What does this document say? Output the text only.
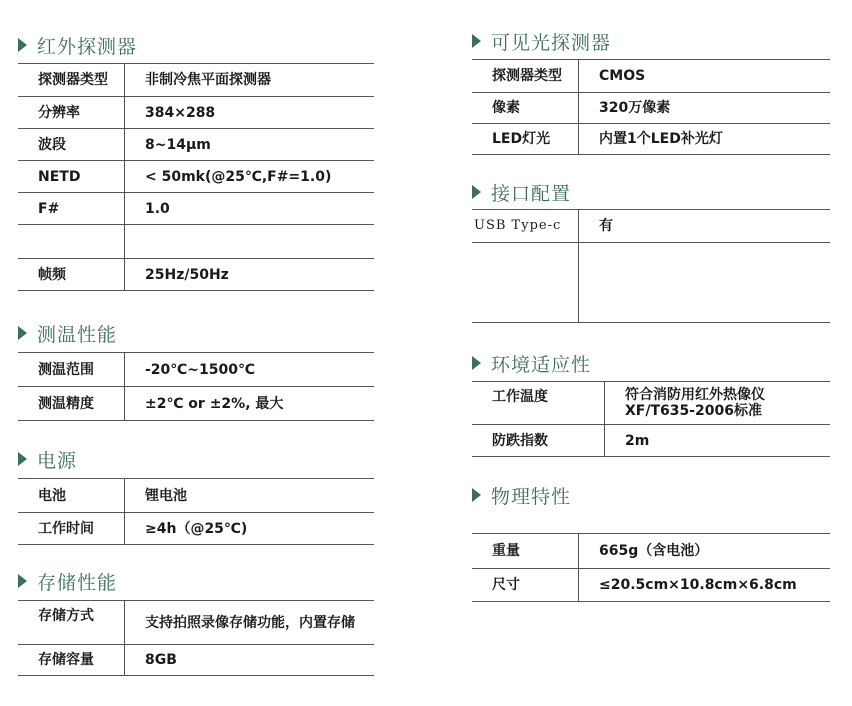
红外探测器
探测器类型	非制冷焦平面探测器
分辨率	384×288
波段	8~14μm
NETD	< 50mk(@25℃,F#=1.0)
F#	1.0

帧频	25Hz/50Hz
测温性能
测温范围	-20℃~1500℃
测温精度	±2℃ or ±2%, 最大
电源
电池	锂电池
工作时间	≥4h（@25℃)
存储性能
存储方式	支持拍照录像存储功能，内置存储
存储容量	8GB
可见光探测器
探测器类型	CMOS
像素	320万像素
LED灯光	内置1个LED补光灯
接口配置
USB Type-c	有

环境适应性
工作温度	符合消防用红外热像仪XF/T635-2006标准
防跌指数	2m
物理特性
重量	665g（含电池）
尺寸	≤20.5cm×10.8cm×6.8cm
